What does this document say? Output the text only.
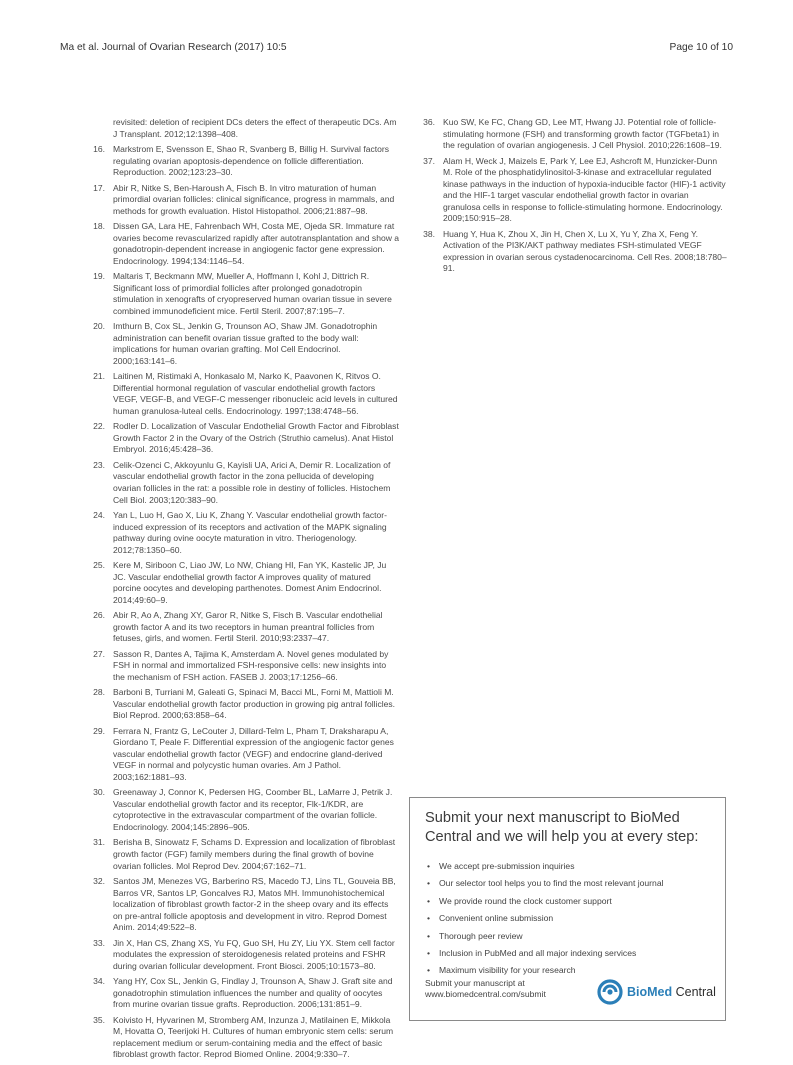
Ma et al. Journal of Ovarian Research (2017) 10:5	Page 10 of 10
revisited: deletion of recipient DCs deters the effect of therapeutic DCs. Am J Transplant. 2012;12:1398–408.
16. Markstrom E, Svensson E, Shao R, Svanberg B, Billig H. Survival factors regulating ovarian apoptosis-dependence on follicle differentiation. Reproduction. 2002;123:23–30.
17. Abir R, Nitke S, Ben-Haroush A, Fisch B. In vitro maturation of human primordial ovarian follicles: clinical significance, progress in mammals, and methods for growth evaluation. Histol Histopathol. 2006;21:887–98.
18. Dissen GA, Lara HE, Fahrenbach WH, Costa ME, Ojeda SR. Immature rat ovaries become revascularized rapidly after autotransplantation and show a gonadotropin-dependent increase in angiogenic factor gene expression. Endocrinology. 1994;134:1146–54.
19. Maltaris T, Beckmann MW, Mueller A, Hoffmann I, Kohl J, Dittrich R. Significant loss of primordial follicles after prolonged gonadotropin stimulation in xenografts of cryopreserved human ovarian tissue in severe combined immunodeficient mice. Fertil Steril. 2007;87:195–7.
20. Imthurn B, Cox SL, Jenkin G, Trounson AO, Shaw JM. Gonadotrophin administration can benefit ovarian tissue grafted to the body wall: implications for human ovarian grafting. Mol Cell Endocrinol. 2000;163:141–6.
21. Laitinen M, Ristimaki A, Honkasalo M, Narko K, Paavonen K, Ritvos O. Differential hormonal regulation of vascular endothelial growth factors VEGF, VEGF-B, and VEGF-C messenger ribonucleic acid levels in cultured human granulosa-luteal cells. Endocrinology. 1997;138:4748–56.
22. Rodler D. Localization of Vascular Endothelial Growth Factor and Fibroblast Growth Factor 2 in the Ovary of the Ostrich (Struthio camelus). Anat Histol Embryol. 2016;45:428–36.
23. Celik-Ozenci C, Akkoyunlu G, Kayisli UA, Arici A, Demir R. Localization of vascular endothelial growth factor in the zona pellucida of developing ovarian follicles in the rat: a possible role in destiny of follicles. Histochem Cell Biol. 2003;120:383–90.
24. Yan L, Luo H, Gao X, Liu K, Zhang Y. Vascular endothelial growth factor-induced expression of its receptors and activation of the MAPK signaling pathway during ovine oocyte maturation in vitro. Theriogenology. 2012;78:1350–60.
25. Kere M, Siriboon C, Liao JW, Lo NW, Chiang HI, Fan YK, Kastelic JP, Ju JC. Vascular endothelial growth factor A improves quality of matured porcine oocytes and developing parthenotes. Domest Anim Endocrinol. 2014;49:60–9.
26. Abir R, Ao A, Zhang XY, Garor R, Nitke S, Fisch B. Vascular endothelial growth factor A and its two receptors in human preantral follicles from fetuses, girls, and women. Fertil Steril. 2010;93:2337–47.
27. Sasson R, Dantes A, Tajima K, Amsterdam A. Novel genes modulated by FSH in normal and immortalized FSH-responsive cells: new insights into the mechanism of FSH action. FASEB J. 2003;17:1256–66.
28. Barboni B, Turriani M, Galeati G, Spinaci M, Bacci ML, Forni M, Mattioli M. Vascular endothelial growth factor production in growing pig antral follicles. Biol Reprod. 2000;63:858–64.
29. Ferrara N, Frantz G, LeCouter J, Dillard-Telm L, Pham T, Draksharapu A, Giordano T, Peale F. Differential expression of the angiogenic factor genes vascular endothelial growth factor (VEGF) and endocrine gland-derived VEGF in normal and polycystic human ovaries. Am J Pathol. 2003;162:1881–93.
30. Greenaway J, Connor K, Pedersen HG, Coomber BL, LaMarre J, Petrik J. Vascular endothelial growth factor and its receptor, Flk-1/KDR, are cytoprotective in the extravascular compartment of the ovarian follicle. Endocrinology. 2004;145:2896–905.
31. Berisha B, Sinowatz F, Schams D. Expression and localization of fibroblast growth factor (FGF) family members during the final growth of bovine ovarian follicles. Mol Reprod Dev. 2004;67:162–71.
32. Santos JM, Menezes VG, Barberino RS, Macedo TJ, Lins TL, Gouveia BB, Barros VR, Santos LP, Goncalves RJ, Matos MH. Immunohistochemical localization of fibroblast growth factor-2 in the sheep ovary and its effects on pre-antral follicle apoptosis and development in vitro. Reprod Domest Anim. 2014;49:522–8.
33. Jin X, Han CS, Zhang XS, Yu FQ, Guo SH, Hu ZY, Liu YX. Stem cell factor modulates the expression of steroidogenesis related proteins and FSHR during ovarian follicular development. Front Biosci. 2005;10:1573–80.
34. Yang HY, Cox SL, Jenkin G, Findlay J, Trounson A, Shaw J. Graft site and gonadotrophin stimulation influences the number and quality of oocytes from murine ovarian tissue grafts. Reproduction. 2006;131:851–9.
35. Koivisto H, Hyvarinen M, Stromberg AM, Inzunza J, Matilainen E, Mikkola M, Hovatta O, Teerijoki H. Cultures of human embryonic stem cells: serum replacement medium or serum-containing media and the effect of basic fibroblast growth factor. Reprod Biomed Online. 2004;9:330–7.
36. Kuo SW, Ke FC, Chang GD, Lee MT, Hwang JJ. Potential role of follicle-stimulating hormone (FSH) and transforming growth factor (TGFbeta1) in the regulation of ovarian angiogenesis. J Cell Physiol. 2010;226:1608–19.
37. Alam H, Weck J, Maizels E, Park Y, Lee EJ, Ashcroft M, Hunzicker-Dunn M. Role of the phosphatidylinositol-3-kinase and extracellular regulated kinase pathways in the induction of hypoxia-inducible factor (HIF)-1 activity and the HIF-1 target vascular endothelial growth factor in ovarian granulosa cells in response to follicle-stimulating hormone. Endocrinology. 2009;150:915–28.
38. Huang Y, Hua K, Zhou X, Jin H, Chen X, Lu X, Yu Y, Zha X, Feng Y. Activation of the PI3K/AKT pathway mediates FSH-stimulated VEGF expression in ovarian serous cystadenocarcinoma. Cell Res. 2008;18:780–91.
Submit your next manuscript to BioMed Central and we will help you at every step:
• We accept pre-submission inquiries
• Our selector tool helps you to find the most relevant journal
• We provide round the clock customer support
• Convenient online submission
• Thorough peer review
• Inclusion in PubMed and all major indexing services
• Maximum visibility for your research
Submit your manuscript at
www.biomedcentral.com/submit	BioMed Central
